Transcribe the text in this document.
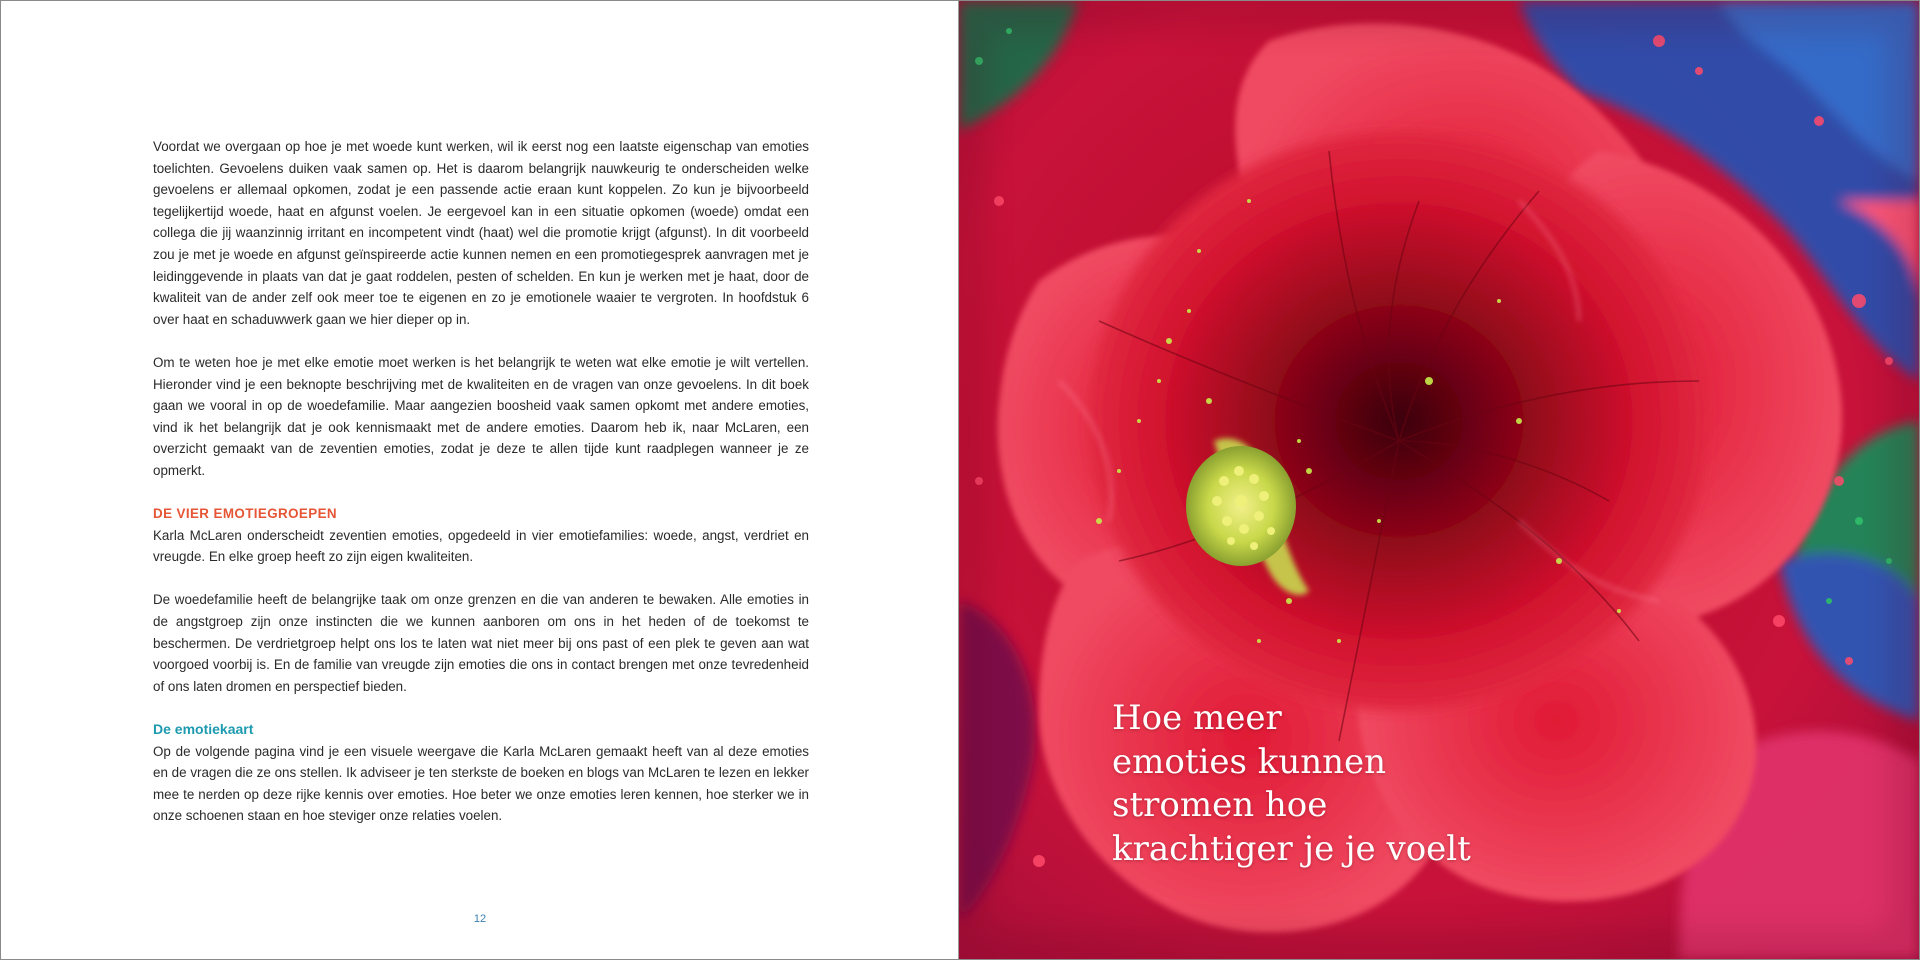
Voordat we overgaan op hoe je met woede kunt werken, wil ik eerst nog een laatste eigenschap van emoties toelichten. Gevoelens duiken vaak samen op. Het is daarom belangrijk nauwkeurig te onderscheiden welke gevoelens er allemaal opkomen, zodat je een passende actie eraan kunt koppelen. Zo kun je bijvoorbeeld tegelijkertijd woede, haat en afgunst voelen. Je eergevoel kan in een situatie opkomen (woede) omdat een collega die jij waanzinnig irritant en incompetent vindt (haat) wel die promotie krijgt (afgunst). In dit voorbeeld zou je met je woede en afgunst geïnspireerde actie kunnen nemen en een promotiegesprek aanvragen met je leidinggevende in plaats van dat je gaat roddelen, pesten of schelden. En kun je werken met je haat, door de kwaliteit van de ander zelf ook meer toe te eigenen en zo je emotionele waaier te vergroten. In hoofdstuk 6 over haat en schaduwwerk gaan we hier dieper op in.

Om te weten hoe je met elke emotie moet werken is het belangrijk te weten wat elke emotie je wilt vertellen. Hieronder vind je een beknopte beschrijving met de kwaliteiten en de vragen van onze gevoelens. In dit boek gaan we vooral in op de woedefamilie. Maar aangezien boosheid vaak samen opkomt met andere emoties, vind ik het belangrijk dat je ook kennismaakt met de andere emoties. Daarom heb ik, naar McLaren, een overzicht gemaakt van de zeventien emoties, zodat je deze te allen tijde kunt raadplegen wanneer je ze opmerkt.

DE VIER EMOTIEGROEPEN

Karla McLaren onderscheidt zeventien emoties, opgedeeld in vier emotiefamilies: woede, angst, verdriet en vreugde. En elke groep heeft zo zijn eigen kwaliteiten.

De woedefamilie heeft de belangrijke taak om onze grenzen en die van anderen te bewaken. Alle emoties in de angstgroep zijn onze instincten die we kunnen aanboren om ons in het heden of de toekomst te beschermen. De verdrietgroep helpt ons los te laten wat niet meer bij ons past of een plek te geven aan wat voorgoed voorbij is. En de familie van vreugde zijn emoties die ons in contact brengen met onze tevredenheid of ons laten dromen en perspectief bieden.

De emotiekaart

Op de volgende pagina vind je een visuele weergave die Karla McLaren gemaakt heeft van al deze emoties en de vragen die ze ons stellen. Ik adviseer je ten sterkste de boeken en blogs van McLaren te lezen en lekker mee te nerden op deze rijke kennis over emoties. Hoe beter we onze emoties leren kennen, hoe sterker we in onze schoenen staan en hoe steviger onze relaties voelen.

12
Hoe meer
emoties kunnen
stromen hoe
krachtiger je je voelt
